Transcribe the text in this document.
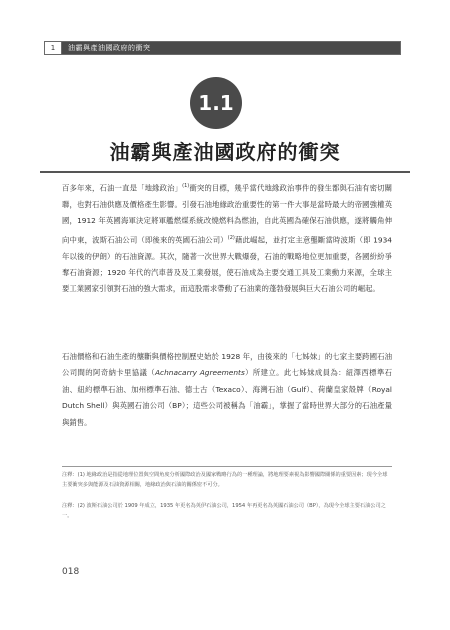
1	油霸與產油國政府的衝突
1.1
油霸與產油國政府的衝突

百多年來，石油一直是「地緣政治」$^{(1)}$衝突的目標，幾乎當代地緣政治事件的發生都與石油有密切關聯，也對石油供應及價格產生影響。引發石油地緣政治重要性的第一件大事是當時最大的帝國強權英國，1912 年英國海軍決定將軍艦燃煤系統改燒燃料為燃油，自此英國為確保石油供應，遂將觸角伸向中東，波斯石油公司（即後來的英國石油公司）$^{(2)}$藉此崛起，並打定主意壟斷當時波斯（即 1934 年以後的伊朗）的石油資源。其次，隨著一次世界大戰爆發，石油的戰略地位更加重要，各國紛紛爭奪石油資源；1920 年代的汽車普及及工業發展，使石油成為主要交通工具及工業動力來源，全球主要工業國家引領對石油的強大需求，而這股需求帶動了石油業的蓬勃發展與巨大石油公司的崛起。

石油價格和石油生產的壟斷與價格控制歷史始於 1928 年，由後來的「七姊妹」的七家主要跨國石油公司間的阿奇納卡里協議（Achnacarry Agreements）所建立。此七姊妹成員為：紐澤西標準石油、紐約標準石油、加州標準石油、德士古（Texaco）、海灣石油（Gulf）、荷蘭皇家殼牌（Royal Dutch Shell）與英國石油公司（BP）；這些公司被稱為「油霸」，掌握了當時世界大部分的石油產量與銷售。

注釋：(1) 地緣政治是指從地理位置與空間角度分析國際政治及國家戰略行為的一種理論，將地理要素視為影響國際關係的重要因素；現今全球主要衝突多與能源及石油資源相關，地緣政治與石油的關係密不可分。

注釋：(2) 波斯石油公司於 1909 年成立，1935 年更名為英伊石油公司，1954 年再更名為英國石油公司（BP），為現今全球主要石油公司之一。

018
